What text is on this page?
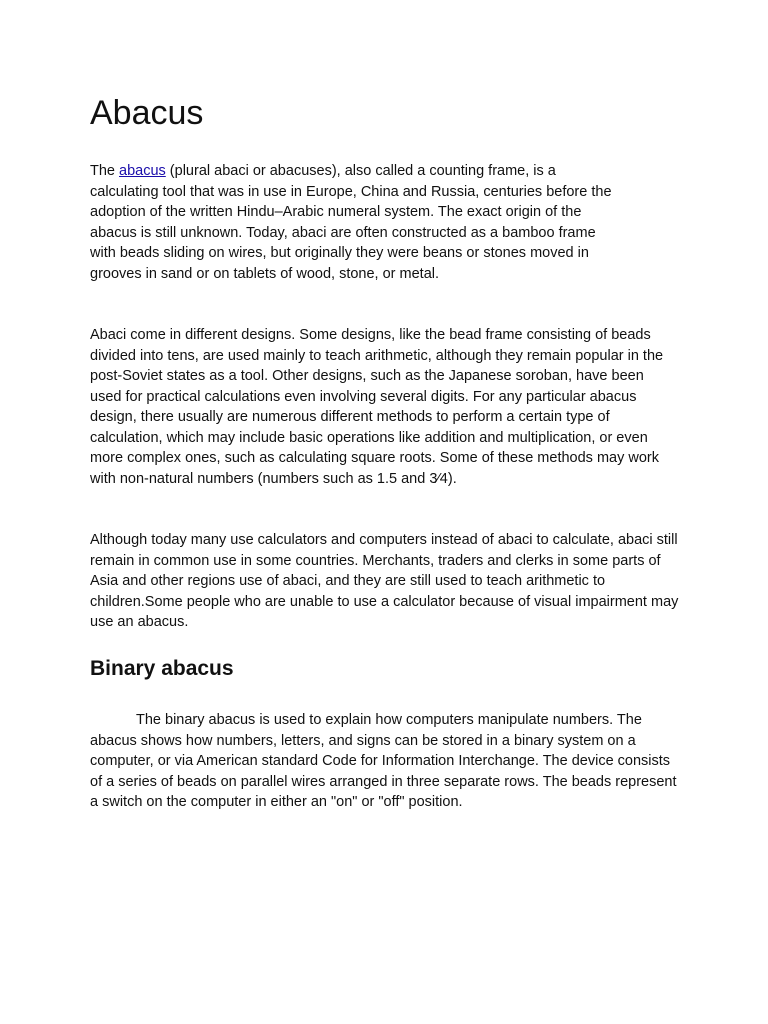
Abacus

The abacus (plural abaci or abacuses), also called a counting frame, is a calculating tool that was in use in Europe, China and Russia, centuries before the adoption of the written Hindu–Arabic numeral system. The exact origin of the abacus is still unknown. Today, abaci are often constructed as a bamboo frame with beads sliding on wires, but originally they were beans or stones moved in grooves in sand or on tablets of wood, stone, or metal.

Abaci come in different designs. Some designs, like the bead frame consisting of beads divided into tens, are used mainly to teach arithmetic, although they remain popular in the post-Soviet states as a tool. Other designs, such as the Japanese soroban, have been used for practical calculations even involving several digits. For any particular abacus design, there usually are numerous different methods to perform a certain type of calculation, which may include basic operations like addition and multiplication, or even more complex ones, such as calculating square roots. Some of these methods may work with non-natural numbers (numbers such as 1.5 and 3⁄4).

Although today many use calculators and computers instead of abaci to calculate, abaci still remain in common use in some countries. Merchants, traders and clerks in some parts of Asia and other regions use of abaci, and they are still used to teach arithmetic to children.Some people who are unable to use a calculator because of visual impairment may use an abacus.

Binary abacus

The binary abacus is used to explain how computers manipulate numbers. The abacus shows how numbers, letters, and signs can be stored in a binary system on a computer, or via American standard Code for Information Interchange. The device consists of a series of beads on parallel wires arranged in three separate rows. The beads represent a switch on the computer in either an "on" or "off" position.
